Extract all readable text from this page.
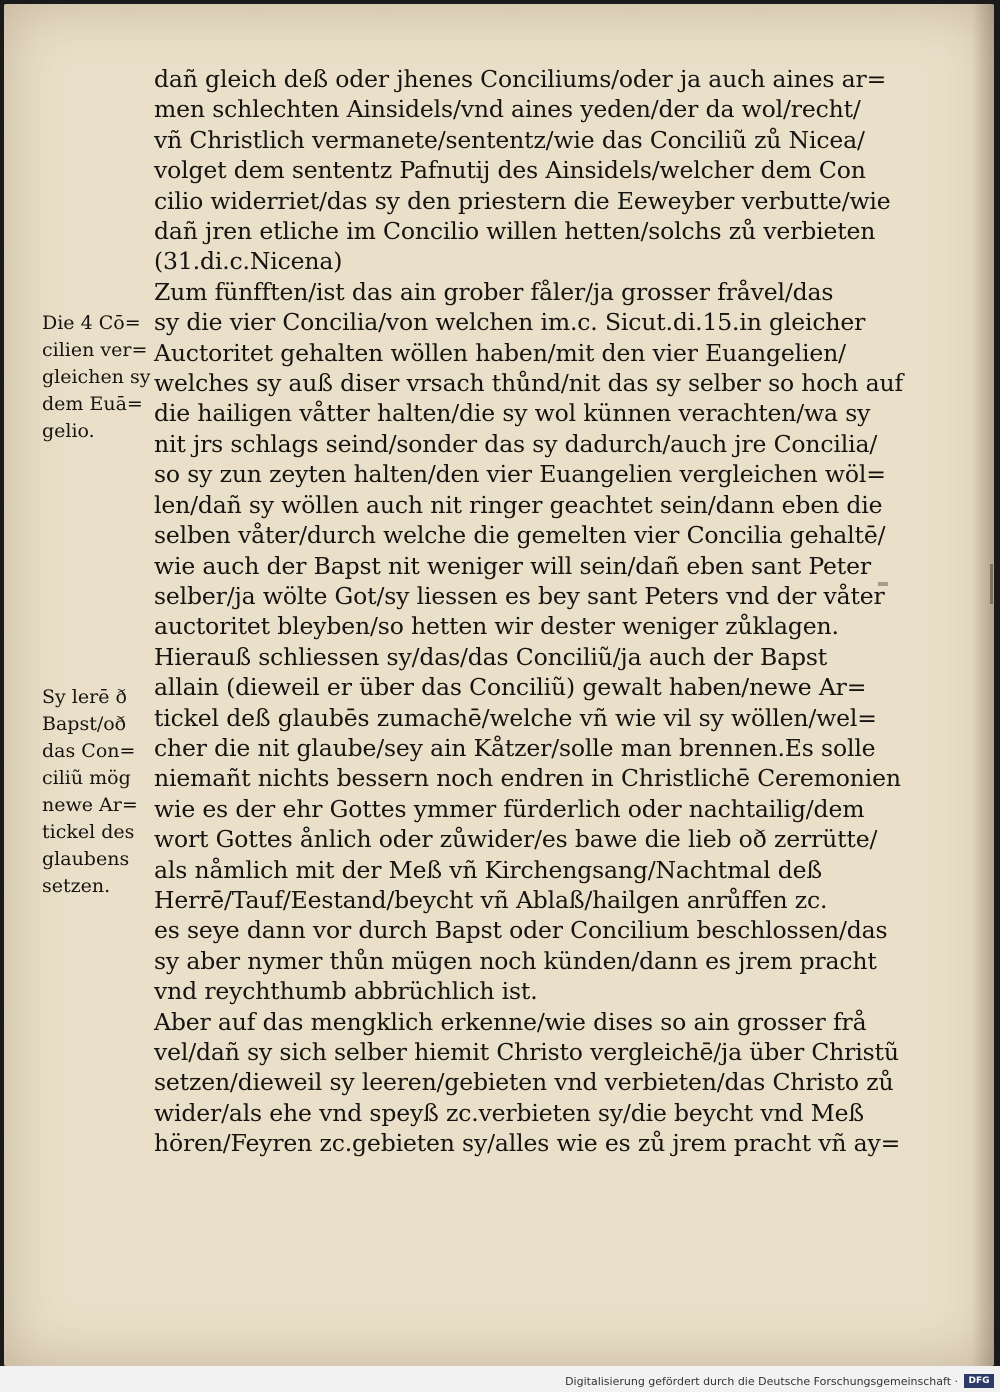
dañ gleich deß oder jhenes Conciliums/oder ja auch aines ar=
men schlechten Ainsidels/vnd aines yeden/der da wol/recht/
vñ Christlich vermanete/sententz/wie das Conciliũ zů Nicea/
volget dem sententz Pafnutij des Ainsidels/welcher dem Con
cilio widerriet/das sy den priestern die Eeweyber verbutte/wie
dañ jren etliche im Concilio willen hetten/solchs zů verbieten
(31.di.c.Nicena)
Zum fünfften/ist das ain grober fåler/ja grosser fråvel/das
sy die vier Concilia/von welchen im.c. Sicut.di.15.in gleicher
Auctoritet gehalten wöllen haben/mit den vier Euangelien/
welches sy auß diser vrsach thůnd/nit das sy selber so hoch auf
die hailigen våtter halten/die sy wol künnen verachten/wa sy
nit jrs schlags seind/sonder das sy dadurch/auch jre Concilia/
so sy zun zeyten halten/den vier Euangelien vergleichen wöl=
len/dañ sy wöllen auch nit ringer geachtet sein/dann eben die
selben våter/durch welche die gemelten vier Concilia gehaltē/
wie auch der Bapst nit weniger will sein/dañ eben sant Peter
selber/ja wölte Got/sy liessen es bey sant Peters vnd der våter
auctoritet bleyben/so hetten wir dester weniger zůklagen.
Hierauß schliessen sy/das/das Conciliũ/ja auch der Bapst
allain (dieweil er über das Conciliũ) gewalt haben/newe Ar=
tickel deß glaubēs zumachē/welche vñ wie vil sy wöllen/wel=
cher die nit glaube/sey ain Kåtzer/solle man brennen.Es solle
niemañt nichts bessern noch endren in Christlichē Ceremonien
wie es der ehr Gottes ymmer fürderlich oder nachtailig/dem
wort Gottes ånlich oder zůwider/es bawe die lieb oð zerrütte/
als nåmlich mit der Meß vñ Kirchengsang/Nachtmal deß
Herrē/Tauf/Eestand/beycht vñ Ablaß/hailgen anrůffen zc.
es seye dann vor durch Bapst oder Concilium beschlossen/das
sy aber nymer thůn mügen noch künden/dann es jrem pracht
vnd reychthumb abbrüchlich ist.
Aber auf das mengklich erkenne/wie dises so ain grosser frå
vel/dañ sy sich selber hiemit Christo vergleichē/ja über Christũ
setzen/dieweil sy leeren/gebieten vnd verbieten/das Christo zů
wider/als ehe vnd speyß zc.verbieten sy/die beycht vnd Meß
hören/Feyren zc.gebieten sy/alles wie es zů jrem pracht vñ ay=
Die 4 Cō=
cilien ver=
gleichen sy
dem Euā=
gelio.
Sy lerē ð
Bapst/oð
das Con=
ciliũ mög
newe Ar=
tickel des
glaubens
setzen.
Digitalisierung gefördert durch die Deutsche Forschungsgemeinschaft ·	DFG
